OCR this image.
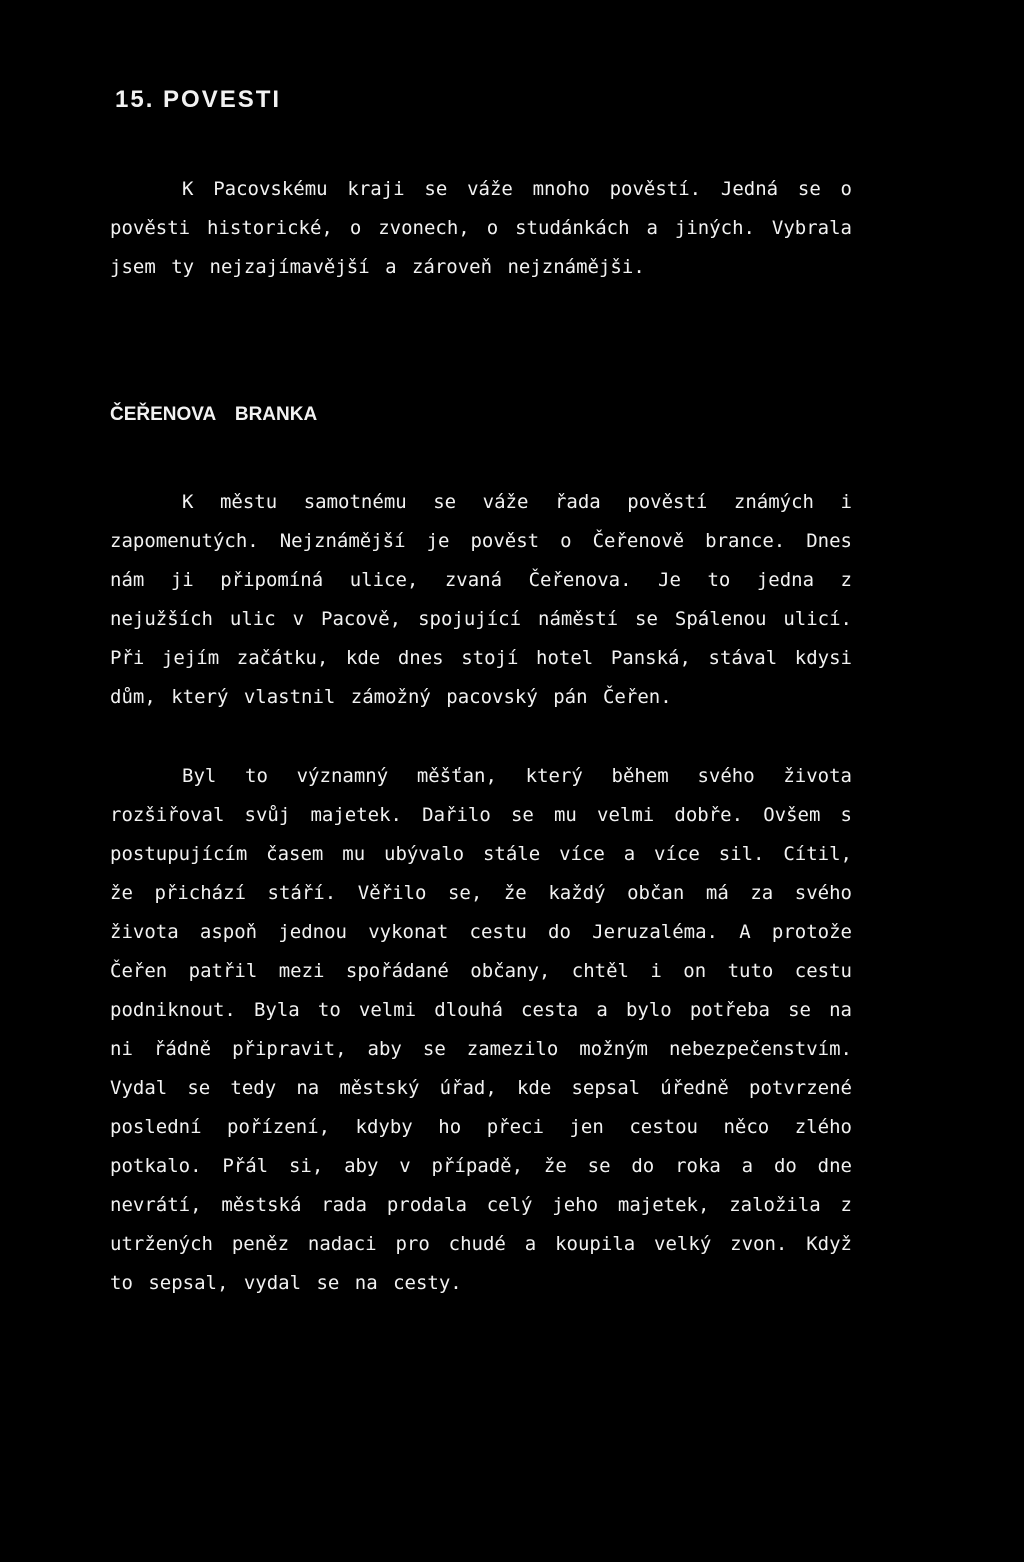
15. POVESTI

K Pacovskému kraji se váže mnoho pověstí. Jedná se o pověsti historické, o zvonech, o studánkách a jiných. Vybrala jsem ty nejzajímavější a zároveň nejznámějši.

ČEŘENOVA BRANKA

K městu samotnému se váže řada pověstí známých i zapomenutých. Nejznámější je pověst o Čeřenově brance. Dnes nám ji připomíná ulice, zvaná Čeřenova. Je to jedna z nejužších ulic v Pacově, spojující náměstí se Spálenou ulicí. Při jejím začátku, kde dnes stojí hotel Panská, stával kdysi dům, který vlastnil zámožný pacovský pán Čeřen.

Byl to významný měšťan, který během svého života rozšiřoval svůj majetek. Dařilo se mu velmi dobře. Ovšem s postupujícím časem mu ubývalo stále více a více sil. Cítil, že přichází stáří. Věřilo se, že každý občan má za svého života aspoň jednou vykonat cestu do Jeruzaléma. A protože Čeřen patřil mezi spořádané občany, chtěl i on tuto cestu podniknout. Byla to velmi dlouhá cesta a bylo potřeba se na ni řádně připravit, aby se zamezilo možným nebezpečenstvím. Vydal se tedy na městský úřad, kde sepsal úředně potvrzené poslední pořízení, kdyby ho přeci jen cestou něco zlého potkalo. Přál si, aby v případě, že se do roka a do dne nevrátí, městská rada prodala celý jeho majetek, založila z utržených peněz nadaci pro chudé a koupila velký zvon. Když to sepsal, vydal se na cesty.
